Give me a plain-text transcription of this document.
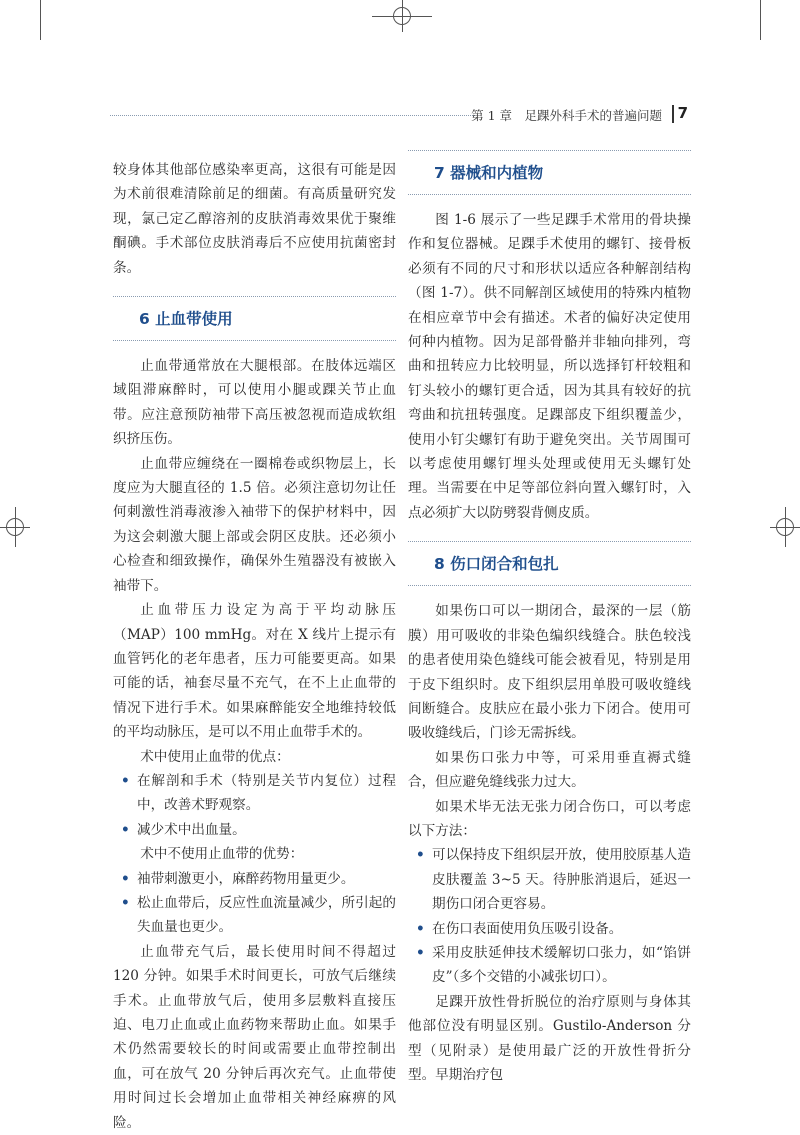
第 1 章　足踝外科手术的普遍问题 7

较身体其他部位感染率更高，这很有可能是因为术前很难清除前足的细菌。有高质量研究发现，氯己定乙醇溶剂的皮肤消毒效果优于聚维酮碘。手术部位皮肤消毒后不应使用抗菌密封条。

6 止血带使用

止血带通常放在大腿根部。在肢体远端区域阻滞麻醉时，可以使用小腿或踝关节止血带。应注意预防袖带下高压被忽视而造成软组织挤压伤。

止血带应缠绕在一圈棉卷或织物层上，长度应为大腿直径的 1.5 倍。必须注意切勿让任何刺激性消毒液渗入袖带下的保护材料中，因为这会刺激大腿上部或会阴区皮肤。还必须小心检查和细致操作，确保外生殖器没有被嵌入袖带下。

止血带压力设定为高于平均动脉压（MAP）100 mmHg。对在 X 线片上提示有血管钙化的老年患者，压力可能要更高。如果可能的话，袖套尽量不充气，在不上止血带的情况下进行手术。如果麻醉能安全地维持较低的平均动脉压，是可以不用止血带手术的。

术中使用止血带的优点：

• 在解剖和手术（特别是关节内复位）过程中，改善术野观察。
• 减少术中出血量。

术中不使用止血带的优势：

• 袖带刺激更小，麻醉药物用量更少。
• 松止血带后，反应性血流量减少，所引起的失血量也更少。

止血带充气后，最长使用时间不得超过 120 分钟。如果手术时间更长，可放气后继续手术。止血带放气后，使用多层敷料直接压迫、电刀止血或止血药物来帮助止血。如果手术仍然需要较长的时间或需要止血带控制出血，可在放气 20 分钟后再次充气。止血带使用时间过长会增加止血带相关神经麻痹的风险。

7 器械和内植物

图 1-6 展示了一些足踝手术常用的骨块操作和复位器械。足踝手术使用的螺钉、接骨板必须有不同的尺寸和形状以适应各种解剖结构（图 1-7）。供不同解剖区域使用的特殊内植物在相应章节中会有描述。术者的偏好决定使用何种内植物。因为足部骨骼并非轴向排列，弯曲和扭转应力比较明显，所以选择钉杆较粗和钉头较小的螺钉更合适，因为其具有较好的抗弯曲和抗扭转强度。足踝部皮下组织覆盖少，使用小钉尖螺钉有助于避免突出。关节周围可以考虑使用螺钉埋头处理或使用无头螺钉处理。当需要在中足等部位斜向置入螺钉时，入点必须扩大以防劈裂背侧皮质。

8 伤口闭合和包扎

如果伤口可以一期闭合，最深的一层（筋膜）用可吸收的非染色编织线缝合。肤色较浅的患者使用染色缝线可能会被看见，特别是用于皮下组织时。皮下组织层用单股可吸收缝线间断缝合。皮肤应在最小张力下闭合。使用可吸收缝线后，门诊无需拆线。

如果伤口张力中等，可采用垂直褥式缝合，但应避免缝线张力过大。

如果术毕无法无张力闭合伤口，可以考虑以下方法：

• 可以保持皮下组织层开放，使用胶原基人造皮肤覆盖 3~5 天。待肿胀消退后，延迟一期伤口闭合更容易。
• 在伤口表面使用负压吸引设备。
• 采用皮肤延伸技术缓解切口张力，如“馅饼皮”（多个交错的小减张切口）。

足踝开放性骨折脱位的治疗原则与身体其他部位没有明显区别。Gustilo-Anderson 分型（见附录）是使用最广泛的开放性骨折分型。早期治疗包
